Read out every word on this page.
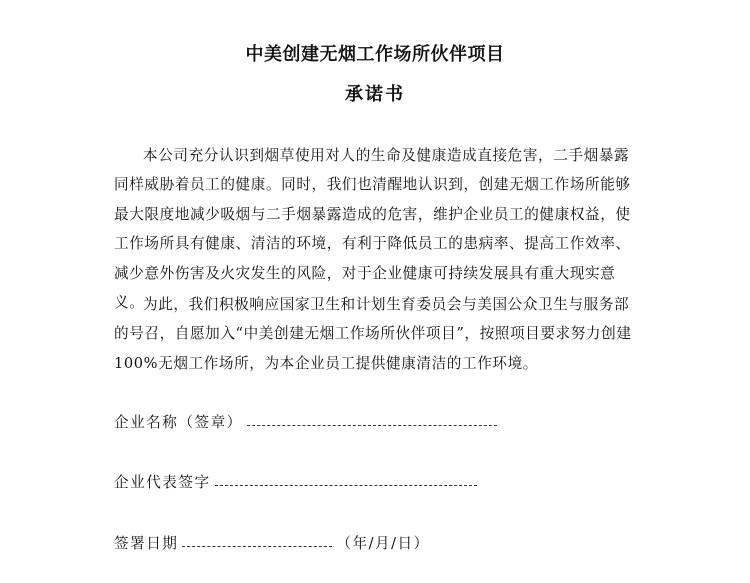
中美创建无烟工作场所伙伴项目
承诺书

本公司充分认识到烟草使用对人的生命及健康造成直接危害，二手烟暴露同样威胁着员工的健康。同时，我们也清醒地认识到，创建无烟工作场所能够最大限度地减少吸烟与二手烟暴露造成的危害，维护企业员工的健康权益，使工作场所具有健康、清洁的环境，有利于降低员工的患病率、提高工作效率、减少意外伤害及火灾发生的风险，对于企业健康可持续发展具有重大现实意义。

为此，我们积极响应国家卫生和计划生育委员会与美国公众卫生与服务部的号召，自愿加入“中美创建无烟工作场所伙伴项目”，按照项目要求努力创建100%无烟工作场所，为本企业员工提供健康清洁的工作环境。

企业名称（签章）
企业代表签字
签署日期	（年/月/日）
